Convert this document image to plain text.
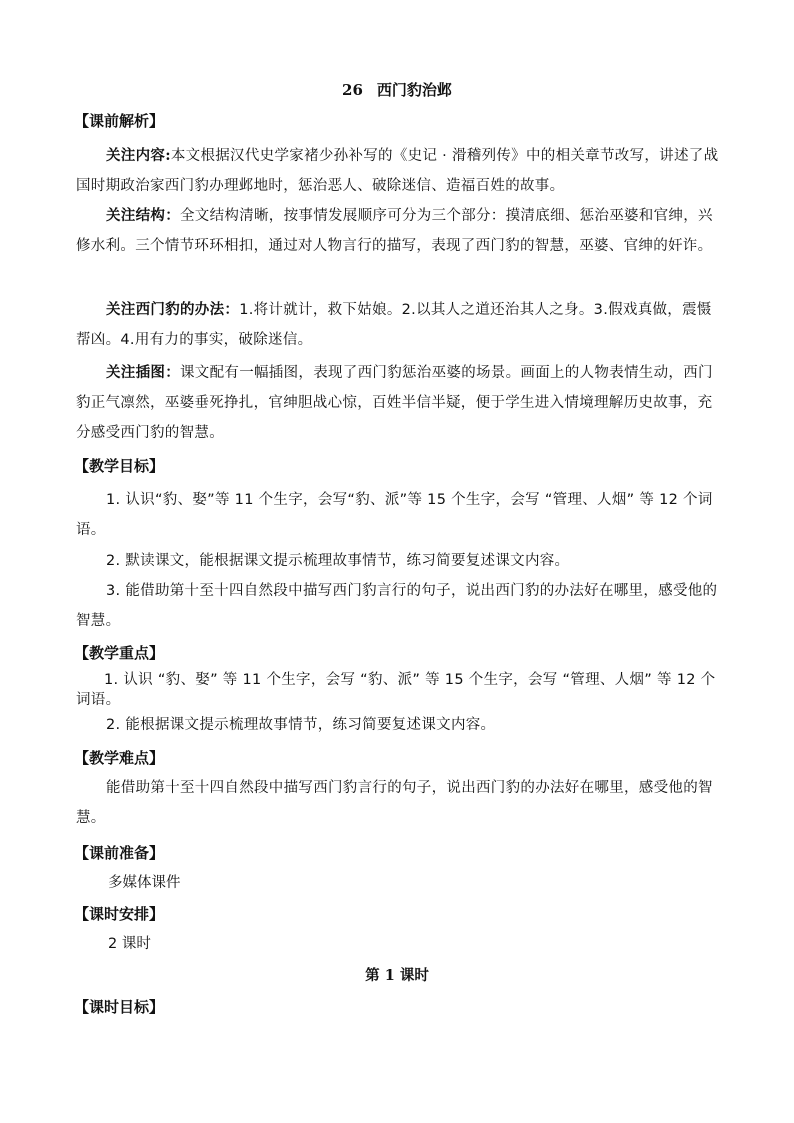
26 西门豹治邺
【课前解析】
关注内容:本文根据汉代史学家褚少孙补写的《史记 · 滑稽列传》中的相关章节改写，讲述了战国时期政治家西门豹办理邺地时，惩治恶人、破除迷信、造福百姓的故事。
关注结构：全文结构清晰，按事情发展顺序可分为三个部分：摸清底细、惩治巫婆和官绅，兴修水利。三个情节环环相扣，通过对人物言行的描写，表现了西门豹的智慧，巫婆、官绅的奸诈。
关注西门豹的办法：1.将计就计，救下姑娘。2.以其人之道还治其人之身。3.假戏真做，震慑帮凶。4.用有力的事实，破除迷信。
关注插图：课文配有一幅插图，表现了西门豹惩治巫婆的场景。画面上的人物表情生动，西门豹正气凛然，巫婆垂死挣扎，官绅胆战心惊，百姓半信半疑，便于学生进入情境理解历史故事，充分感受西门豹的智慧。
【教学目标】
1. 认识“豹、娶”等 11 个生字，会写“豹、派”等 15 个生字，会写 “管理、人烟” 等 12 个词语。
2. 默读课文，能根据课文提示梳理故事情节，练习简要复述课文内容。
3. 能借助第十至十四自然段中描写西门豹言行的句子，说出西门豹的办法好在哪里，感受他的智慧。
【教学重点】
1. 认识 “豹、娶” 等 11 个生字，会写 “豹、派” 等 15 个生字，会写 “管理、人烟” 等 12 个词语。
2. 能根据课文提示梳理故事情节，练习简要复述课文内容。
【教学难点】
能借助第十至十四自然段中描写西门豹言行的句子，说出西门豹的办法好在哪里，感受他的智慧。
【课前准备】
多媒体课件
【课时安排】
2 课时
第 1 课时
【课时目标】
